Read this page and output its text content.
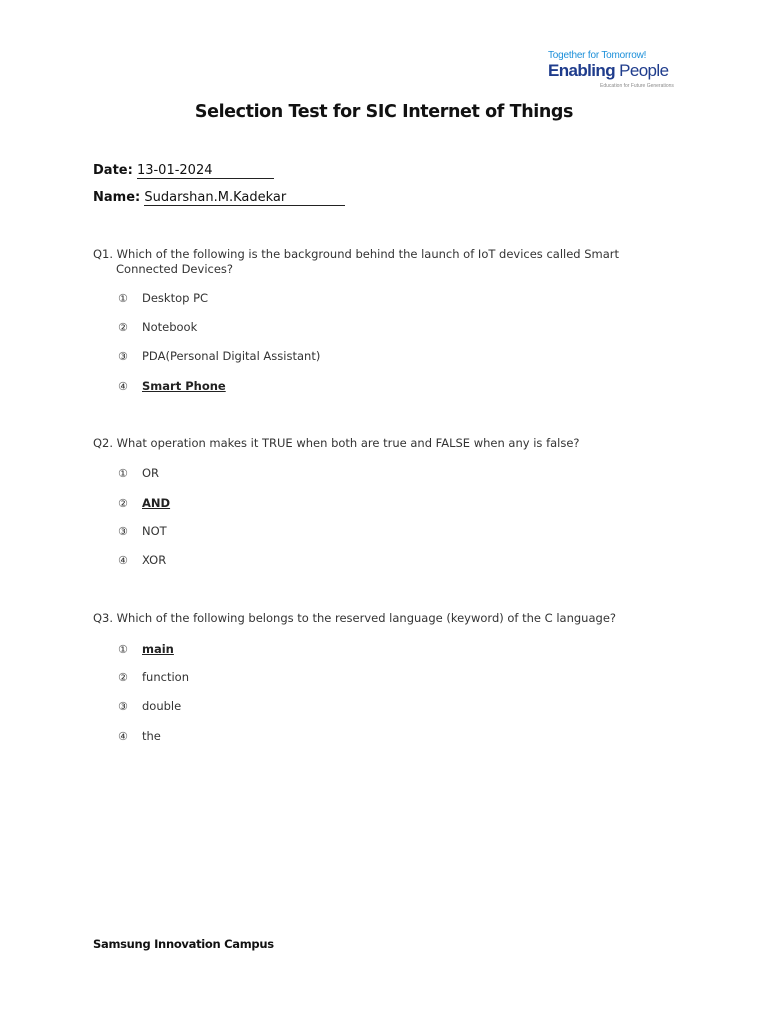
Together for Tomorrow!
Enabling People
Education for Future Generations
Selection Test for SIC Internet of Things
Date: 13-01-2024
Name: Sudarshan.M.Kadekar
Q1. Which of the following is the background behind the launch of IoT devices called Smart Connected Devices?
① Desktop PC
② Notebook
③ PDA(Personal Digital Assistant)
④ Smart Phone
Q2. What operation makes it TRUE when both are true and FALSE when any is false?
① OR
② AND
③ NOT
④ XOR
Q3. Which of the following belongs to the reserved language (keyword) of the C language?
① main
② function
③ double
④ the
Samsung Innovation Campus
